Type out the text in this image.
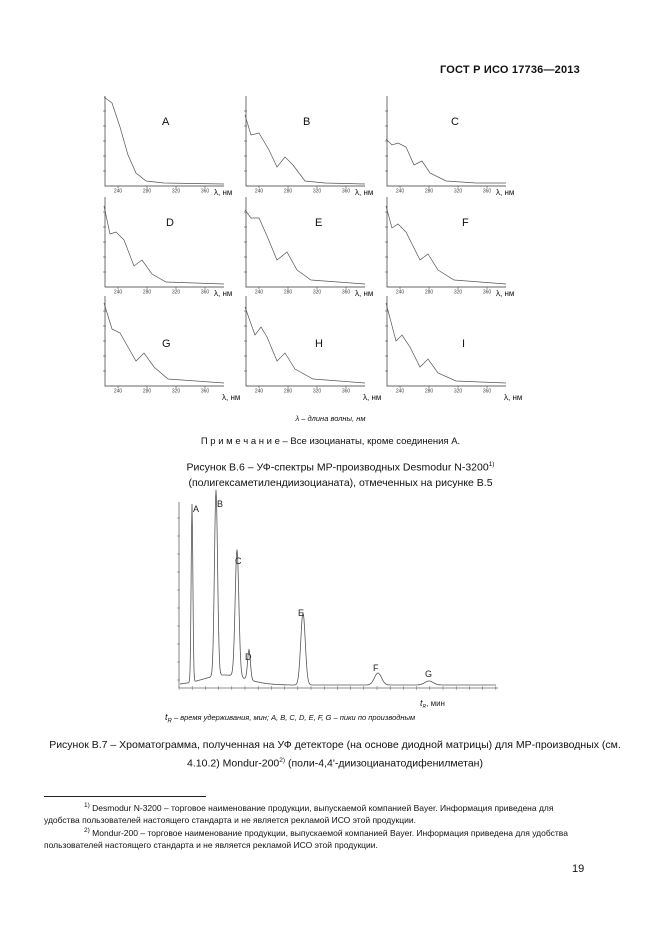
ГОСТ Р ИСО 17736—2013
240	280	320	360
A
λ, нм	240	280	320	360
B
λ, нм	240	280	320	360
C
λ, нм
240	280	320	360
D
λ, нм	240	280	320	360
E
λ, нм	240	280	320	360
F
λ, нм
240	280	320	360
G
λ, нм
240	280	320	360
H
λ, нм
240	280	320	360
I
λ, нм
λ – длина волны, нм
П р и м е ч а н и е – Все изоцианаты, кроме соединения А.
Рисунок В.6 – УФ-спектры МР-производных Desmodur N-3200$^{1)}$
(полигексаметилендиизоцианата), отмеченных на рисунке В.5
A B
C
D
E
F
G
$t_R$, мин
$t_R$ – время удерживания, мин; A, B, C, D, E, F, G – пики по производным
Рисунок В.7 – Хроматограмма, полученная на УФ детекторе (на основе диодной матрицы) для МР-производных (см. 4.10.2) Mondur-200$^{2)}$ (поли-4,4'-диизоцианатодифенилметан)
$^{1)}$ Desmodur N-3200 – торговое наименование продукции, выпускаемой компанией Bayer. Информация приведена для удобства пользователей настоящего стандарта и не является рекламой ИСО этой продукции.
$^{2)}$ Mondur-200 – торговое наименование продукции, выпускаемой компанией Bayer. Информация приведена для удобства пользователей настоящего стандарта и не является рекламой ИСО этой продукции.
19
